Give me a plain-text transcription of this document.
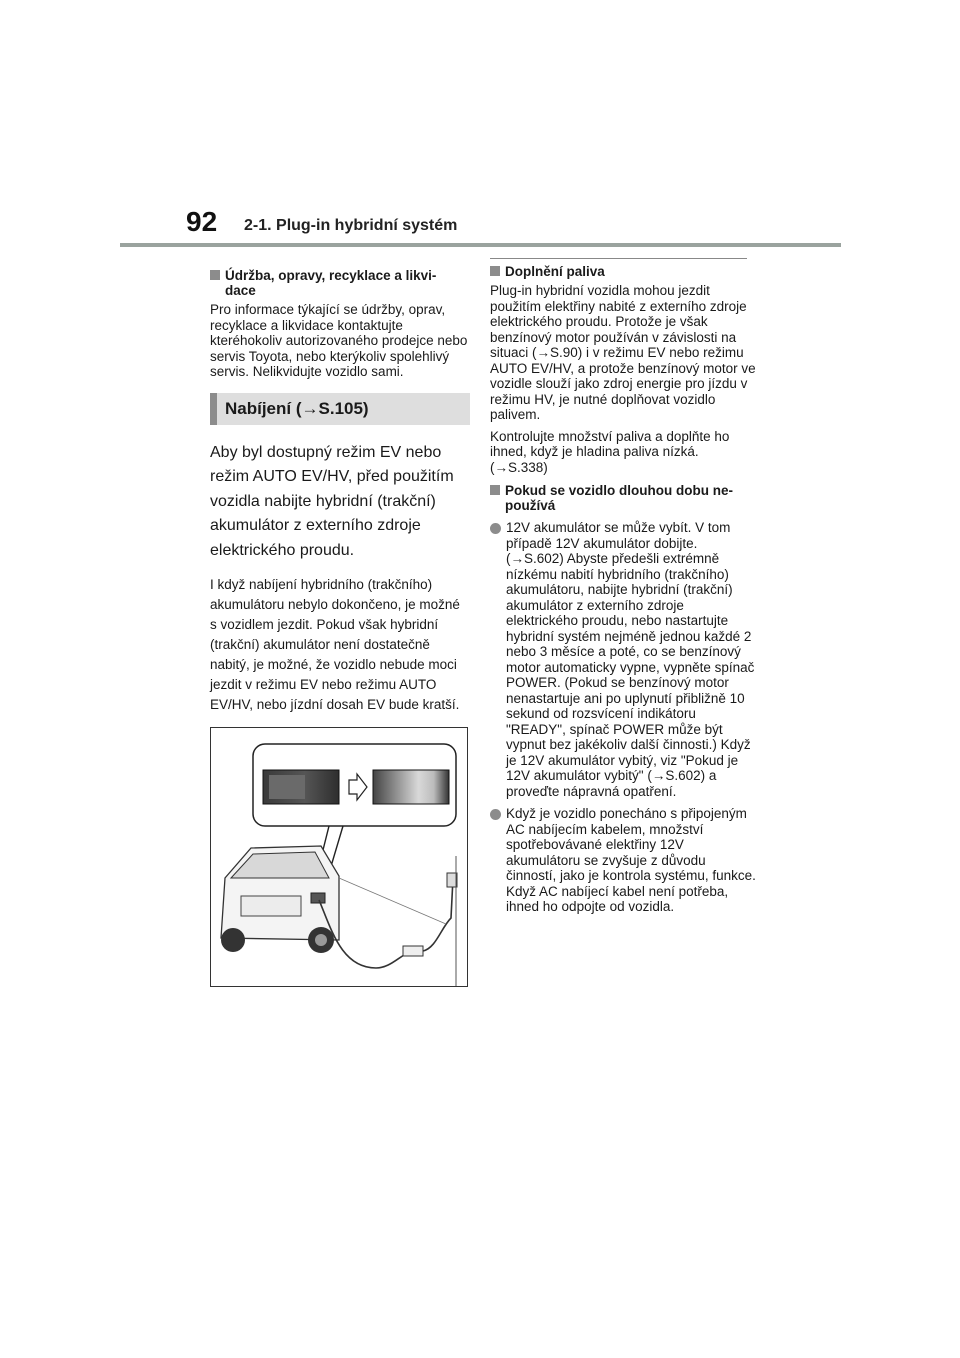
92 2-1. Plug-in hybridní systém
Údržba, opravy, recyklace a likvi-
dace

Pro informace týkající se údržby, oprav, recyklace a likvidace kontaktujte kteréhokoliv autorizovaného prodejce nebo servis Toyota, nebo kterýkoliv spolehlivý servis. Nelikvidujte vozidlo sami.

Nabíjení (→S.105)

Aby byl dostupný režim EV nebo režim AUTO EV/HV, před použitím vozidla nabijte hybridní (trakční) akumulátor z externího zdroje elektrického proudu.

I když nabíjení hybridního (trakčního) akumulátoru nebylo dokončeno, je možné s vozidlem jezdit. Pokud však hybridní (trakční) akumulátor není dostatečně nabitý, je možné, že vozidlo nebude moci jezdit v režimu EV nebo režimu AUTO EV/HV, nebo jízdní dosah EV bude kratší.

Doplnění paliva

Plug-in hybridní vozidla mohou jezdit použitím elektřiny nabité z externího zdroje elektrického proudu. Protože je však benzínový motor používán v závislosti na situaci (→S.90) i v režimu EV nebo režimu AUTO EV/HV, a protože benzínový motor ve vozidle slouží jako zdroj energie pro jízdu v režimu HV, je nutné doplňovat vozidlo palivem.

Kontrolujte množství paliva a doplňte ho ihned, když je hladina paliva nízká. (→S.338)

Pokud se vozidlo dlouhou dobu ne-
používá
12V akumulátor se může vybít. V tom případě 12V akumulátor dobijte. (→S.602) Abyste předešli extrémně nízkému nabití hybridního (trakčního) akumulátoru, nabijte hybridní (trakční) akumulátor z externího zdroje elektrického proudu, nebo nastartujte hybridní systém nejméně jednou každé 2 nebo 3 měsíce a poté, co se benzínový motor automaticky vypne, vypněte spínač POWER. (Pokud se benzínový motor nenastartuje ani po uplynutí přibližně 10 sekund od rozsvícení indikátoru "READY", spínač POWER může být vypnut bez jakékoliv další činnosti.) Když je 12V akumulátor vybitý, viz "Pokud je 12V akumulátor vybitý" (→S.602) a proveďte nápravná opatření.
Když je vozidlo ponecháno s připojeným AC nabíjecím kabelem, množství spotřebovávané elektřiny 12V akumulátoru se zvyšuje z důvodu činností, jako je kontrola systému, funkce. Když AC nabíjecí kabel není potřeba, ihned ho odpojte od vozidla.
